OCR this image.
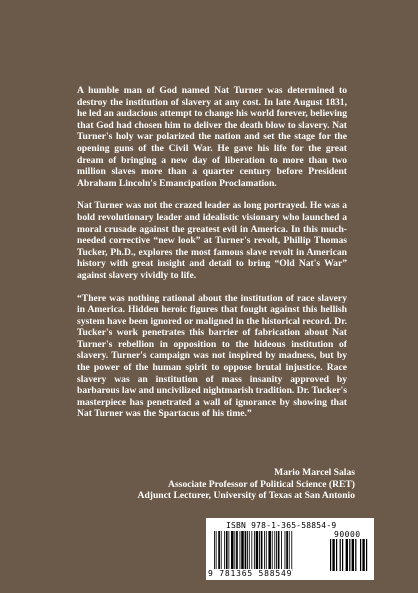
A humble man of God named Nat Turner was determined to destroy the institution of slavery at any cost. In late August 1831, he led an audacious attempt to change his world forever, believing that God had chosen him to deliver the death blow to slavery. Nat Turner's holy war polarized the nation and set the stage for the opening guns of the Civil War. He gave his life for the great dream of bringing a new day of liberation to more than two million slaves more than a quarter century before President Abraham Lincoln's Emancipation Proclamation.

Nat Turner was not the crazed leader as long portrayed. He was a bold revolutionary leader and idealistic visionary who launched a moral crusade against the greatest evil in America. In this much-needed corrective “new look” at Turner's revolt, Phillip Thomas Tucker, Ph.D., explores the most famous slave revolt in American history with great insight and detail to bring “Old Nat's War” against slavery vividly to life.

“There was nothing rational about the institution of race slavery in America. Hidden heroic figures that fought against this hellish system have been ignored or maligned in the historical record. Dr. Tucker's work penetrates this barrier of fabrication about Nat Turner's rebellion in opposition to the hideous institution of slavery. Turner's campaign was not inspired by madness, but by the power of the human spirit to oppose brutal injustice. Race slavery was an institution of mass insanity approved by barbarous law and uncivilized nightmarish tradition. Dr. Tucker's masterpiece has penetrated a wall of ignorance by showing that Nat Turner was the Spartacus of his time.”

Mario Marcel Salas
Associate Professor of Political Science (RET)
Adjunct Lecturer, University of Texas at San Antonio
ISBN 978-1-365-58854-9
90000
9 781365 588549
